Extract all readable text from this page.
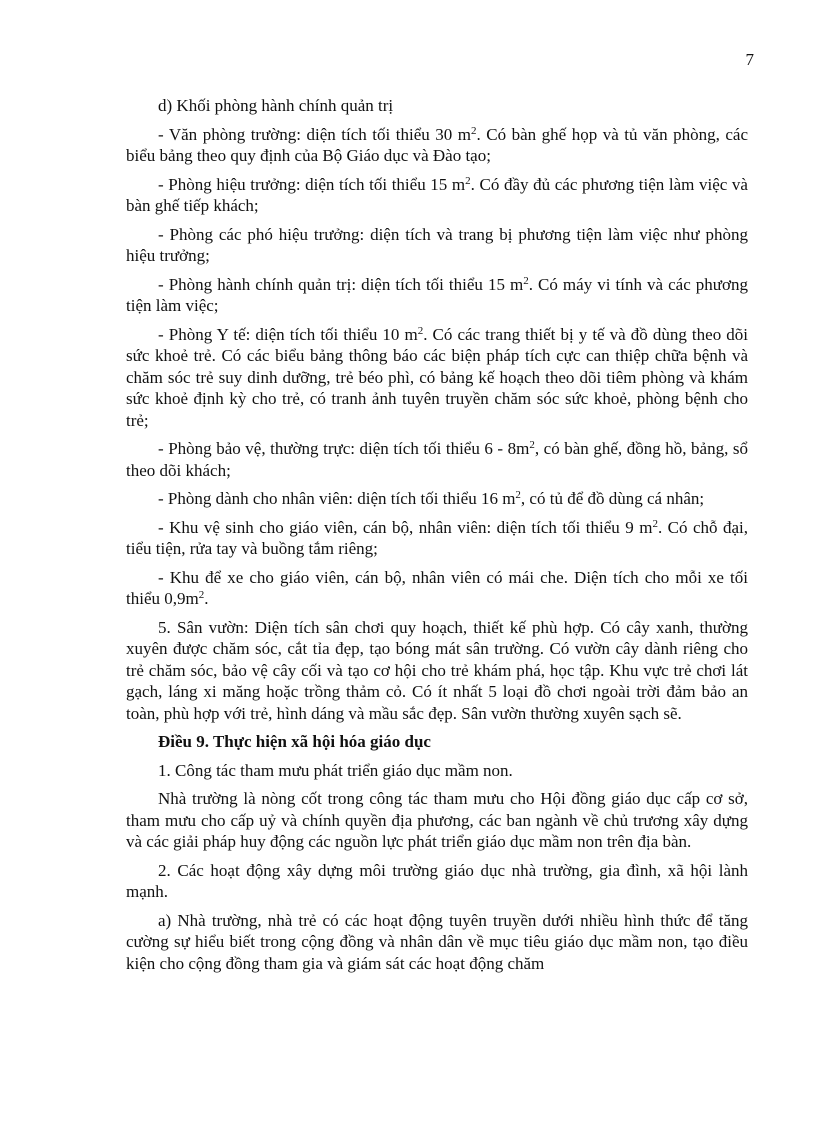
7

d) Khối phòng hành chính quản trị

- Văn phòng trường: diện tích tối thiểu 30 $m^2$. Có bàn ghế họp và tủ văn phòng, các biểu bảng theo quy định của Bộ Giáo dục và Đào tạo;

- Phòng hiệu trưởng: diện tích tối thiểu 15 $m^2$. Có đầy đủ các phương tiện làm việc và bàn ghế tiếp khách;

- Phòng các phó hiệu trưởng: diện tích và trang bị phương tiện làm việc như phòng hiệu trưởng;

- Phòng hành chính quản trị: diện tích tối thiểu 15 $m^2$. Có máy vi tính và các phương tiện làm việc;

- Phòng Y tế: diện tích tối thiểu 10 $m^2$. Có các trang thiết bị y tế và đồ dùng theo dõi sức khoẻ trẻ. Có các biểu bảng thông báo các biện pháp tích cực can thiệp chữa bệnh và chăm sóc trẻ suy dinh dưỡng, trẻ béo phì, có bảng kế hoạch theo dõi tiêm phòng và khám sức khoẻ định kỳ cho trẻ, có tranh ảnh tuyên truyền chăm sóc sức khoẻ, phòng bệnh cho trẻ;

- Phòng bảo vệ, thường trực: diện tích tối thiểu $6 - 8m^2$, có bàn ghế, đồng hồ, bảng, sổ theo dõi khách;

- Phòng dành cho nhân viên: diện tích tối thiểu 16 $m^2$, có tủ để đồ dùng cá nhân;

- Khu vệ sinh cho giáo viên, cán bộ, nhân viên: diện tích tối thiểu 9 $m^2$. Có chỗ đại, tiểu tiện, rửa tay và buồng tắm riêng;

- Khu để xe cho giáo viên, cán bộ, nhân viên có mái che. Diện tích cho mỗi xe tối thiểu $0,9m^2$.

5. Sân vườn: Diện tích sân chơi quy hoạch, thiết kế phù hợp. Có cây xanh, thường xuyên được chăm sóc, cắt tỉa đẹp, tạo bóng mát sân trường. Có vườn cây dành riêng cho trẻ chăm sóc, bảo vệ cây cối và tạo cơ hội cho trẻ khám phá, học tập. Khu vực trẻ chơi lát gạch, láng xi măng hoặc trồng thảm cỏ. Có ít nhất 5 loại đồ chơi ngoài trời đảm bảo an toàn, phù hợp với trẻ, hình dáng và mầu sắc đẹp. Sân vườn thường xuyên sạch sẽ.

Điều 9. Thực hiện xã hội hóa giáo dục

1. Công tác tham mưu phát triển giáo dục mầm non.

Nhà trường là nòng cốt trong công tác tham mưu cho Hội đồng giáo dục cấp cơ sở, tham mưu cho cấp uỷ và chính quyền địa phương, các ban ngành về chủ trương xây dựng và các giải pháp huy động các nguồn lực phát triển giáo dục mầm non trên địa bàn.

2. Các hoạt động xây dựng môi trường giáo dục nhà trường, gia đình, xã hội lành mạnh.

a) Nhà trường, nhà trẻ có các hoạt động tuyên truyền dưới nhiều hình thức để tăng cường sự hiểu biết trong cộng đồng và nhân dân về mục tiêu giáo dục mầm non, tạo điều kiện cho cộng đồng tham gia và giám sát các hoạt động chăm
